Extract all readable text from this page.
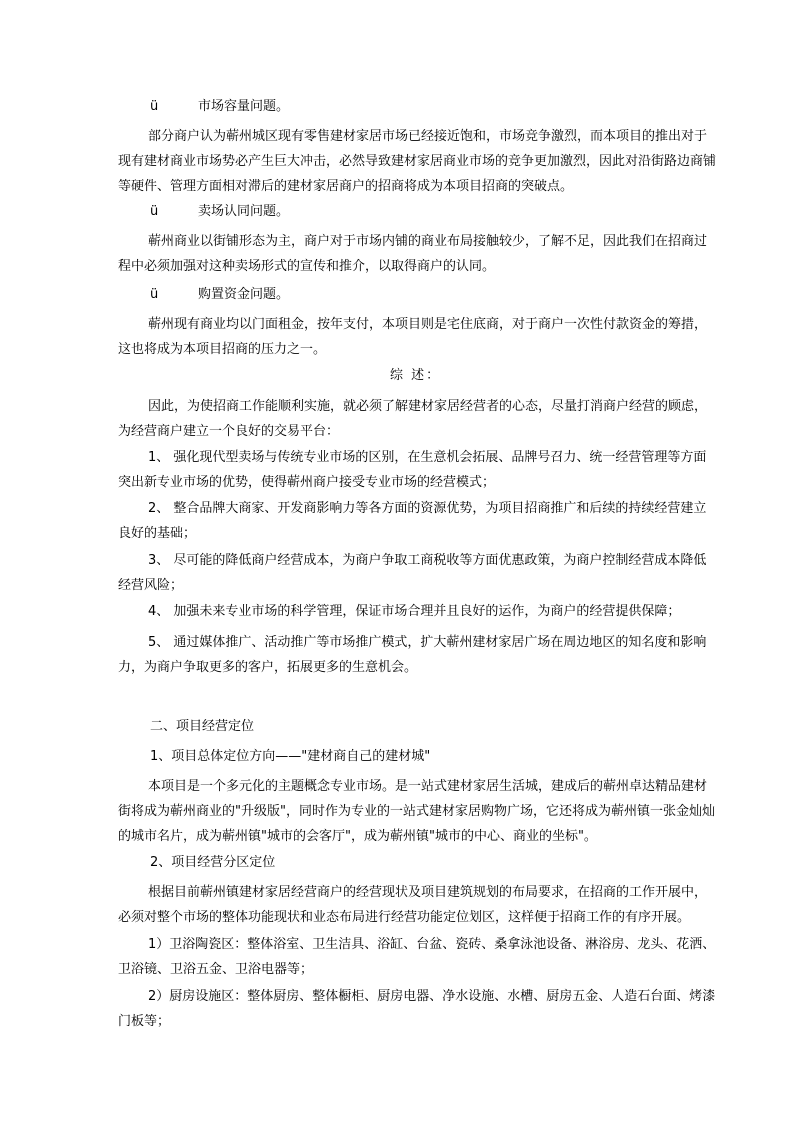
ü	市场容量问题。
部分商户认为蕲州城区现有零售建材家居市场已经接近饱和，市场竞争激烈，而本项目的推出对于
现有建材商业市场势必产生巨大冲击，必然导致建材家居商业市场的竞争更加激烈，因此对沿街路边商铺
等硬件、管理方面相对滞后的建材家居商户的招商将成为本项目招商的突破点。
ü	卖场认同问题。
蕲州商业以街铺形态为主，商户对于市场内铺的商业布局接触较少，了解不足，因此我们在招商过
程中必须加强对这种卖场形式的宣传和推介，以取得商户的认同。
ü	购置资金问题。
蕲州现有商业均以门面租金，按年支付，本项目则是宅住底商，对于商户一次性付款资金的筹措，
这也将成为本项目招商的压力之一。
综 述：
因此，为使招商工作能顺利实施，就必须了解建材家居经营者的心态，尽量打消商户经营的顾虑，
为经营商户建立一个良好的交易平台：
1、 强化现代型卖场与传统专业市场的区别，在生意机会拓展、品牌号召力、统一经营管理等方面
突出新专业市场的优势，使得蕲州商户接受专业市场的经营模式；
2、 整合品牌大商家、开发商影响力等各方面的资源优势，为项目招商推广和后续的持续经营建立
良好的基础；
3、 尽可能的降低商户经营成本，为商户争取工商税收等方面优惠政策，为商户控制经营成本降低
经营风险；
4、 加强未来专业市场的科学管理，保证市场合理并且良好的运作，为商户的经营提供保障；
5、 通过媒体推广、活动推广等市场推广模式，扩大蕲州建材家居广场在周边地区的知名度和影响
力，为商户争取更多的客户，拓展更多的生意机会。
二、项目经营定位
1、项目总体定位方向——"建材商自己的建材城"
本项目是一个多元化的主题概念专业市场。是一站式建材家居生活城，建成后的蕲州卓达精品建材
街将成为蕲州商业的"升级版"，同时作为专业的一站式建材家居购物广场，它还将成为蕲州镇一张金灿灿
的城市名片，成为蕲州镇"城市的会客厅"，成为蕲州镇"城市的中心、商业的坐标"。
2、项目经营分区定位
根据目前蕲州镇建材家居经营商户的经营现状及项目建筑规划的布局要求，在招商的工作开展中，
必须对整个市场的整体功能现状和业态布局进行经营功能定位划区，这样便于招商工作的有序开展。
1）卫浴陶瓷区：整体浴室、卫生洁具、浴缸、台盆、瓷砖、桑拿泳池设备、淋浴房、龙头、花洒、
卫浴镜、卫浴五金、卫浴电器等；
2）厨房设施区：整体厨房、整体橱柜、厨房电器、净水设施、水槽、厨房五金、人造石台面、烤漆
门板等；
